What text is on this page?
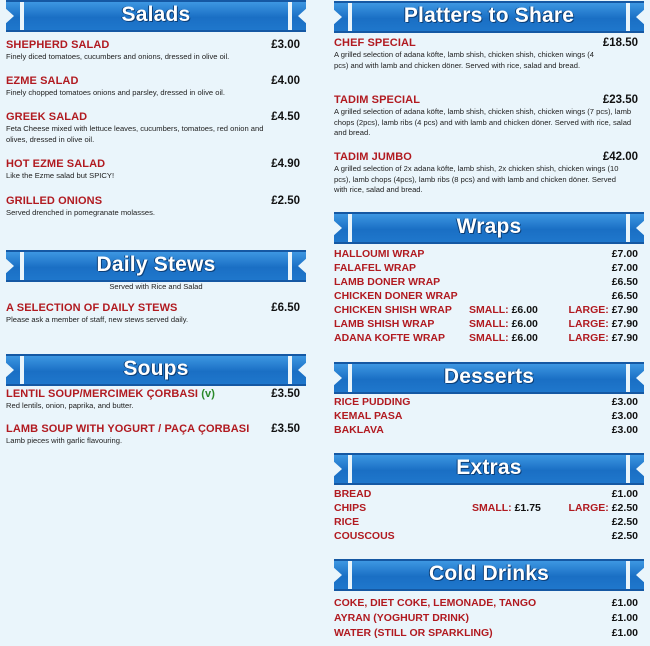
Salads
SHEPHERD SALAD	£3.00
Finely diced tomatoes, cucumbers and onions, dressed in olive oil.
EZME SALAD	£4.00
Finely chopped tomatoes onions and parsley, dressed in olive oil.
GREEK SALAD	£4.50
Feta Cheese mixed with lettuce leaves, cucumbers, tomatoes, red onion and olives, dressed in olive oil.
HOT EZME SALAD	£4.90
Like the Ezme salad but SPICY!
GRILLED ONIONS	£2.50
Served drenched in pomegranate molasses.
Daily Stews
Served with Rice and Salad
A SELECTION OF DAILY STEWS	£6.50
Please ask a member of staff, new stews served daily.
Soups
LENTIL SOUP/MERCIMEK ÇORBASI (v)	£3.50
Red lentils, onion, paprika, and butter.
LAMB SOUP WITH YOGURT / PAÇA ÇORBASI	£3.50
Lamb pieces with garlic flavouring.
Platters to Share
CHEF SPECIAL	£18.50
A grilled selection of adana köfte, lamb shish, chicken shish, chicken wings (4 pcs) and with lamb and chicken döner. Served with rice, salad and bread.
TADIM SPECIAL	£23.50
A grilled selection of adana köfte, lamb shish, chicken shish, chicken wings (7 pcs), lamb chops (2pcs), lamb ribs (4 pcs) and with lamb and chicken döner. Served with rice, salad and bread.
TADIM JUMBO	£42.00
A grilled selection of 2x adana köfte, lamb shish, 2x chicken shish, chicken wings (10 pcs), lamb chops (4pcs), lamb ribs (8 pcs) and with lamb and chicken döner. Served with rice, salad and bread.
Wraps
HALLOUMI WRAP	£7.00
FALAFEL WRAP	£7.00
LAMB DONER WRAP	£6.50
CHICKEN DONER WRAP	£6.50
CHICKEN SHISH WRAP SMALL: £6.00	LARGE: £7.90
LAMB SHISH WRAP	SMALL: £6.00	LARGE: £7.90
ADANA KOFTE WRAP SMALL: £6.00	LARGE: £7.90
Desserts
RICE PUDDING	£3.00
KEMAL PASA	£3.00
BAKLAVA	£3.00
Extras
BREAD	£1.00
CHIPS	SMALL: £1.75	LARGE: £2.50
RICE	£2.50
COUSCOUS	£2.50
Cold Drinks
COKE, DIET COKE, LEMONADE, TANGO	£1.00
AYRAN (YOGHURT DRINK)	£1.00
WATER (STILL OR SPARKLING)	£1.00
